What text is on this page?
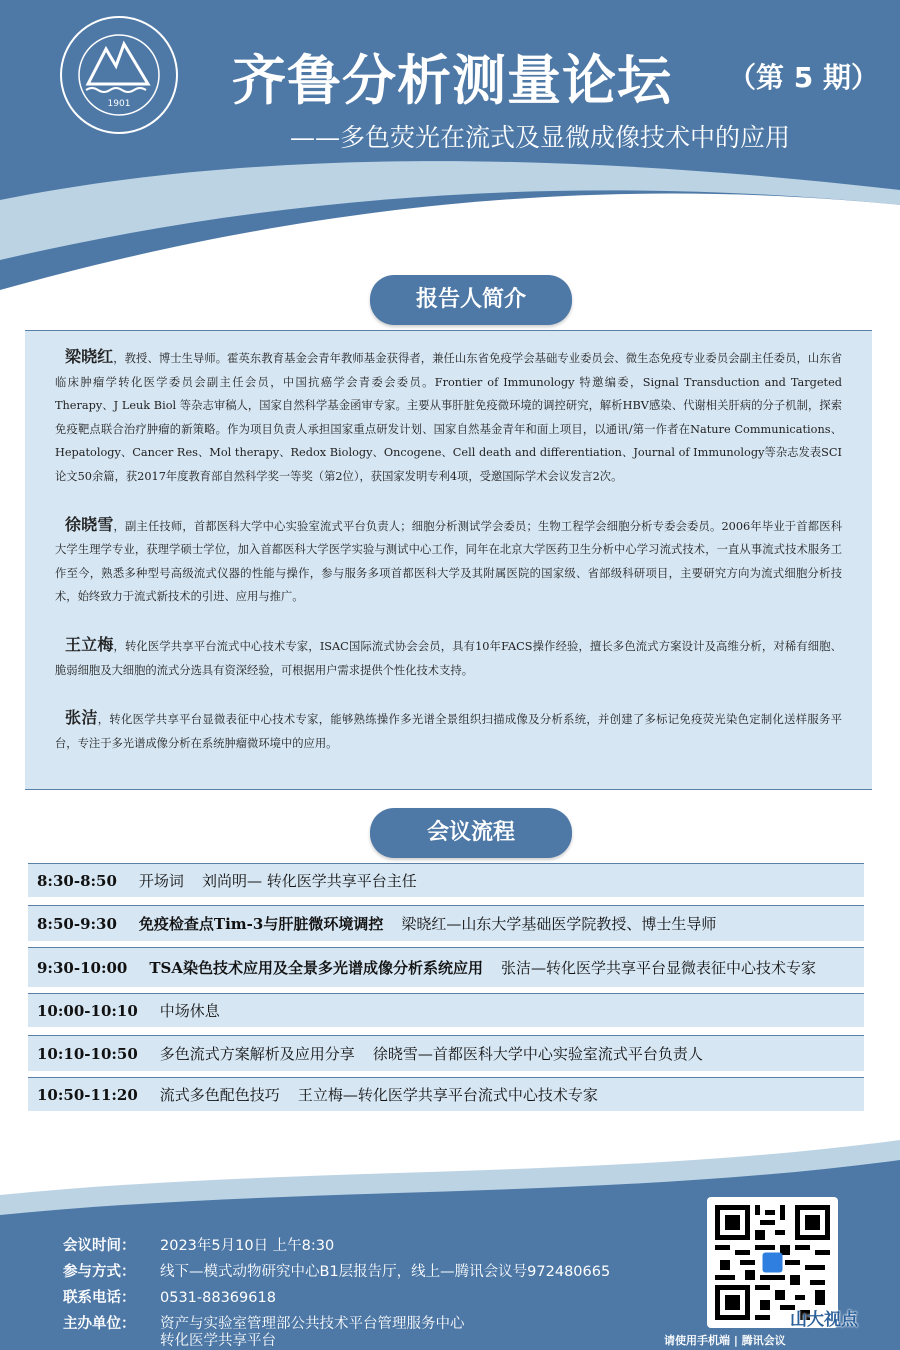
1901 齐鲁分析测量论坛 （第 5 期）
——多色荧光在流式及显微成像技术中的应用
报告人简介

梁晓红，教授、博士生导师。霍英东教育基金会青年教师基金获得者，兼任山东省免疫学会基础专业委员会、微生态免疫专业委员会副主任委员，山东省临床肿瘤学转化医学委员会副主任会员，中国抗癌学会青委会委员。Frontier of Immunology 特邀编委，Signal Transduction and Targeted Therapy、J Leuk Biol 等杂志审稿人，国家自然科学基金函审专家。主要从事肝脏免疫微环境的调控研究，解析HBV感染、代谢相关肝病的分子机制，探索免疫靶点联合治疗肿瘤的新策略。作为项目负责人承担国家重点研发计划、国家自然基金青年和面上项目，以通讯/第一作者在Nature Communications、Hepatology、Cancer Res、Mol therapy、Redox Biology、Oncogene、Cell death and differentiation、Journal of Immunology等杂志发表SCI论文50余篇，获2017年度教育部自然科学奖一等奖（第2位），获国家发明专利4项，受邀国际学术会议发言2次。

徐晓雪，副主任技师，首都医科大学中心实验室流式平台负责人；细胞分析测试学会委员；生物工程学会细胞分析专委会委员。2006年毕业于首都医科大学生理学专业，获理学硕士学位，加入首都医科大学医学实验与测试中心工作，同年在北京大学医药卫生分析中心学习流式技术，一直从事流式技术服务工作至今，熟悉多种型号高级流式仪器的性能与操作，参与服务多项首都医科大学及其附属医院的国家级、省部级科研项目，主要研究方向为流式细胞分析技术，始终致力于流式新技术的引进、应用与推广。

王立梅，转化医学共享平台流式中心技术专家，ISAC国际流式协会会员，具有10年FACS操作经验，擅长多色流式方案设计及高维分析，对稀有细胞、脆弱细胞及大细胞的流式分选具有资深经验，可根据用户需求提供个性化技术支持。

张洁，转化医学共享平台显微表征中心技术专家，能够熟练操作多光谱全景组织扫描成像及分析系统，并创建了多标记免疫荧光染色定制化送样服务平台，专注于多光谱成像分析在系统肿瘤微环境中的应用。

会议流程
8:30-8:50 开场词 刘尚明— 转化医学共享平台主任
8:50-9:30 免疫检查点Tim-3与肝脏微环境调控 梁晓红—山东大学基础医学院教授、博士生导师
9:30-10:00 TSA染色技术应用及全景多光谱成像分析系统应用 张洁—转化医学共享平台显微表征中心技术专家
10:00-10:10 中场休息
10:10-10:50 多色流式方案解析及应用分享 徐晓雪—首都医科大学中心实验室流式平台负责人
10:50-11:20 流式多色配色技巧 王立梅—转化医学共享平台流式中心技术专家
会议时间： 2023年5月10日 上午8:30
参与方式： 线下—模式动物研究中心B1层报告厅，线上—腾讯会议号972480665
联系电话： 0531-88369618
主办单位： 资产与实验室管理部公共技术平台管理服务中心
转化医学共享平台	请使用手机端 | 腾讯会议
山大视点
